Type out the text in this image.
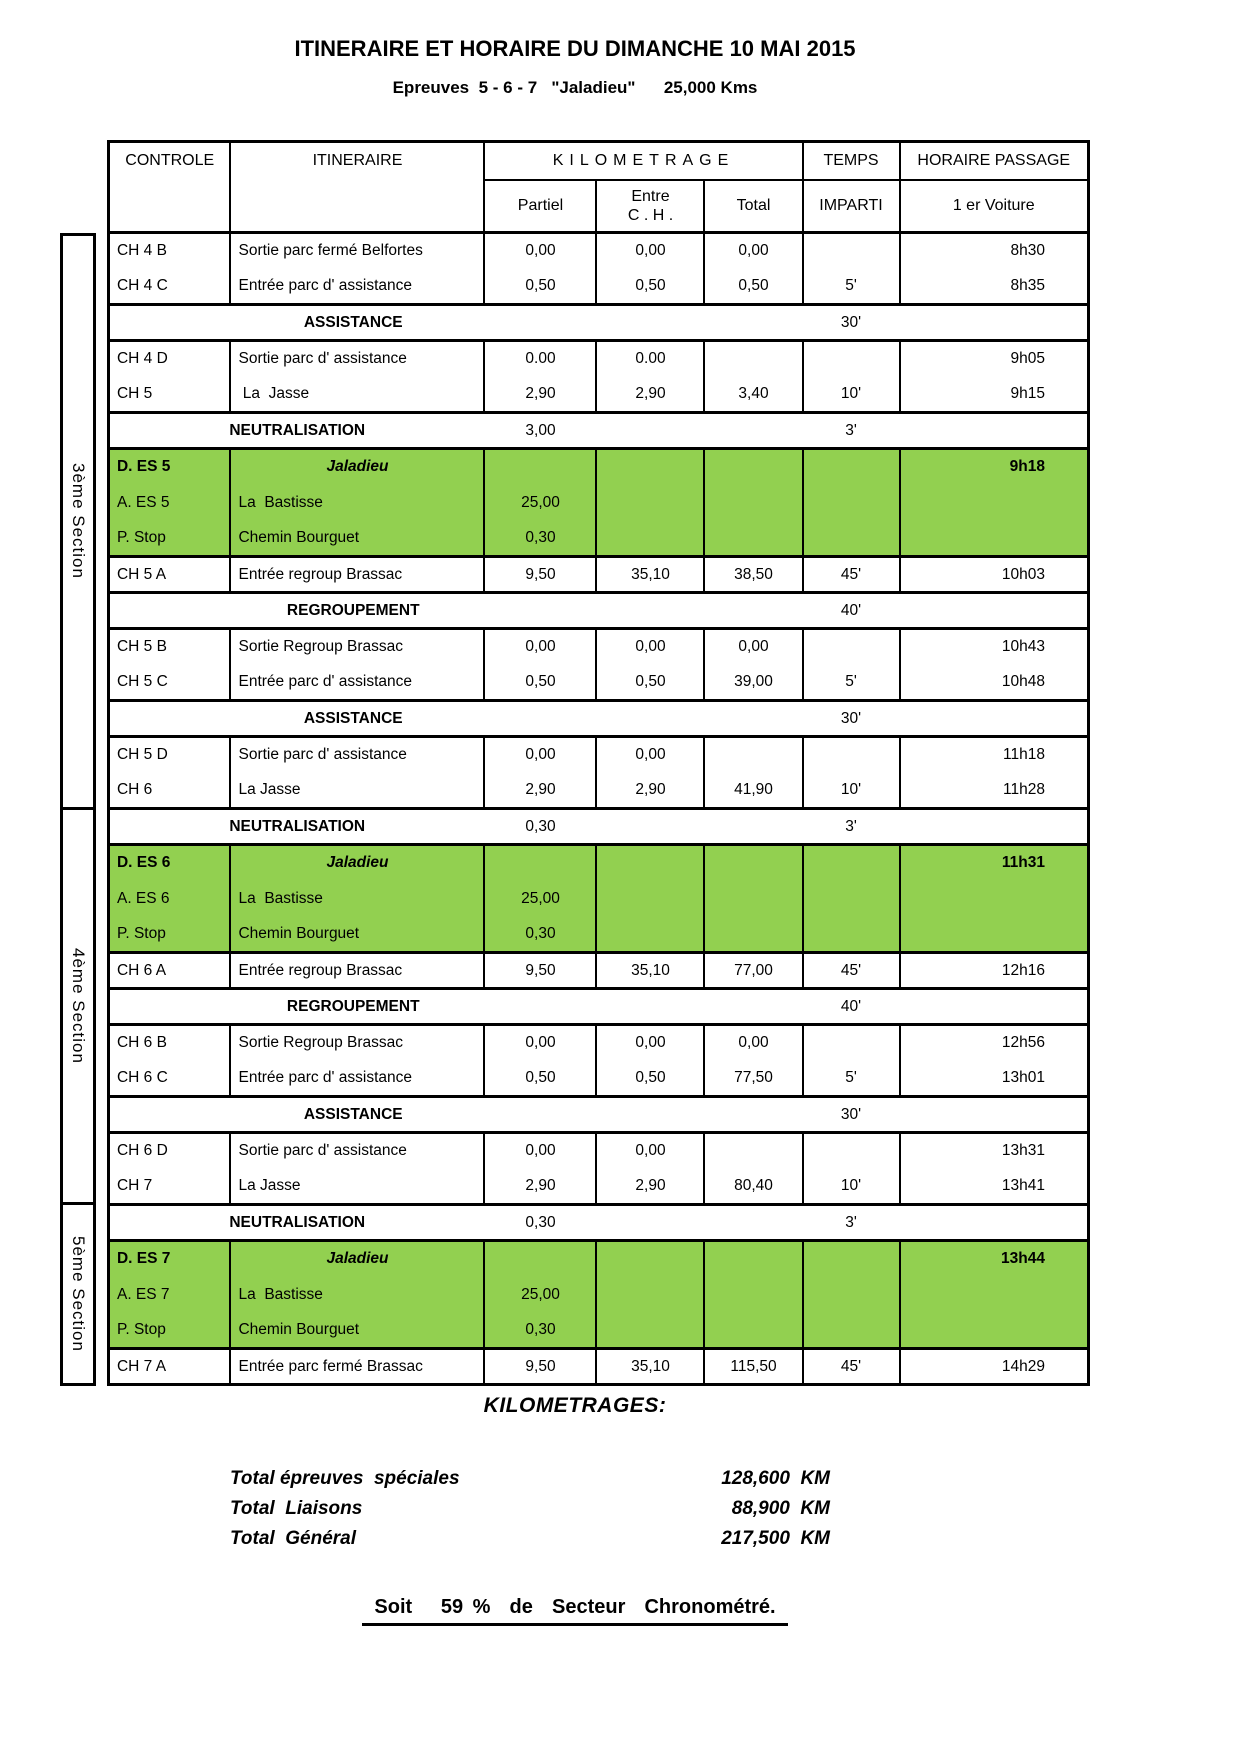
ITINERAIRE ET HORAIRE DU DIMANCHE 10 MAI 2015
Epreuves  5 - 6 - 7   "Jaladieu"      25,000 Kms
3ème Section
4ème Section
5ème Section
CONTROLE	ITINERAIRE	KILOMETRAGE			TEMPS	HORAIRE PASSAGE
		Partiel	Entre
C . H .	Total	IMPARTI	1 er Voiture
CH 4 B	Sortie parc fermé Belfortes	0,00	0,00	0,00		8h30
CH 4 C	Entrée parc d' assistance	0,50	0,50	0,50	5'	8h35
ASSISTANCE					30'	
CH 4 D	Sortie parc d' assistance	0.00	0.00			9h05
CH 5	La  Jasse	2,90	2,90	3,40	10'	9h15
NEUTRALISATION		3,00			3'	
D. ES 5	Jaladieu					9h18
A. ES 5	La  Bastisse	25,00				
P. Stop	Chemin Bourguet	0,30				
CH 5 A	Entrée regroup Brassac	9,50	35,10	38,50	45'	10h03
REGROUPEMENT					40'	
CH 5 B	Sortie Regroup Brassac	0,00	0,00	0,00		10h43
CH 5 C	Entrée parc d' assistance	0,50	0,50	39,00	5'	10h48
ASSISTANCE					30'	
CH 5 D	Sortie parc d' assistance	0,00	0,00			11h18
CH 6	La Jasse	2,90	2,90	41,90	10'	11h28
NEUTRALISATION		0,30			3'	
D. ES 6	Jaladieu					11h31
A. ES 6	La  Bastisse	25,00				
P. Stop	Chemin Bourguet	0,30				
CH 6 A	Entrée regroup Brassac	9,50	35,10	77,00	45'	12h16
REGROUPEMENT					40'	
CH 6 B	Sortie Regroup Brassac	0,00	0,00	0,00		12h56
CH 6 C	Entrée parc d' assistance	0,50	0,50	77,50	5'	13h01
ASSISTANCE					30'	
CH 6 D	Sortie parc d' assistance	0,00	0,00			13h31
CH 7	La Jasse	2,90	2,90	80,40	10'	13h41
NEUTRALISATION		0,30			3'	
D. ES 7	Jaladieu					13h44
A. ES 7	La  Bastisse	25,00				
P. Stop	Chemin Bourguet	0,30				
CH 7 A	Entrée parc fermé Brassac	9,50	35,10	115,50	45'	14h29
KILOMETRAGES:
Total épreuves  spéciales	128,600  KM
Total  Liaisons	88,900  KM
Total  Général	217,500  KM
Soit   59 %  de  Secteur  Chronométré.
